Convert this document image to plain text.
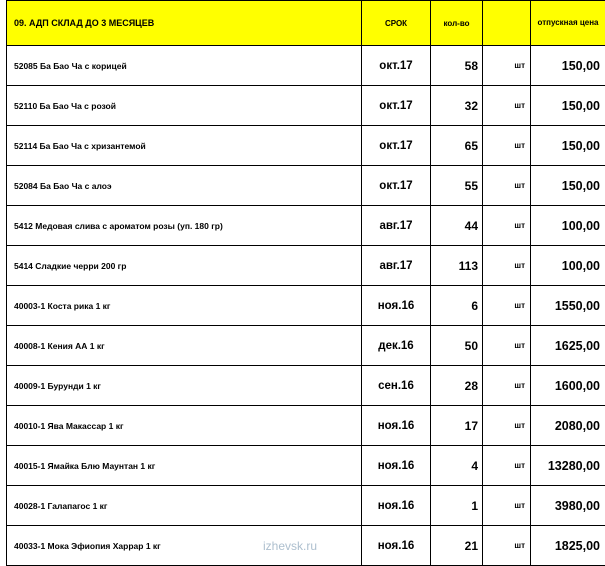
09. АДП СКЛАД ДО 3 МЕСЯЦЕВ	СРОК	кол-во		отпускная цена
52085 Ба Бао Ча с корицей	окт.17	58	шт	150,00
52110 Ба Бао Ча с розой	окт.17	32	шт	150,00
52114 Ба Бао Ча с хризантемой	окт.17	65	шт	150,00
52084 Ба Бао Ча с алоэ	окт.17	55	шт	150,00
5412 Медовая слива с ароматом розы (уп. 180 гр)	авг.17	44	шт	100,00
5414 Сладкие черри 200 гр	авг.17	113	шт	100,00
40003-1 Коста рика 1 кг	ноя.16	6	шт	1550,00
40008-1 Кения АА 1 кг	дек.16	50	шт	1625,00
40009-1 Бурунди 1 кг	сен.16	28	шт	1600,00
40010-1 Ява Макассар 1 кг	ноя.16	17	шт	2080,00
40015-1 Ямайка Блю Маунтан 1 кг	ноя.16	4	шт	13280,00
40028-1 Галапагос 1 кг	ноя.16	1	шт	3980,00
40033-1 Мока Эфиопия Харрар 1 кг	ноя.16	21	шт	1825,00
izhevsk.ru
